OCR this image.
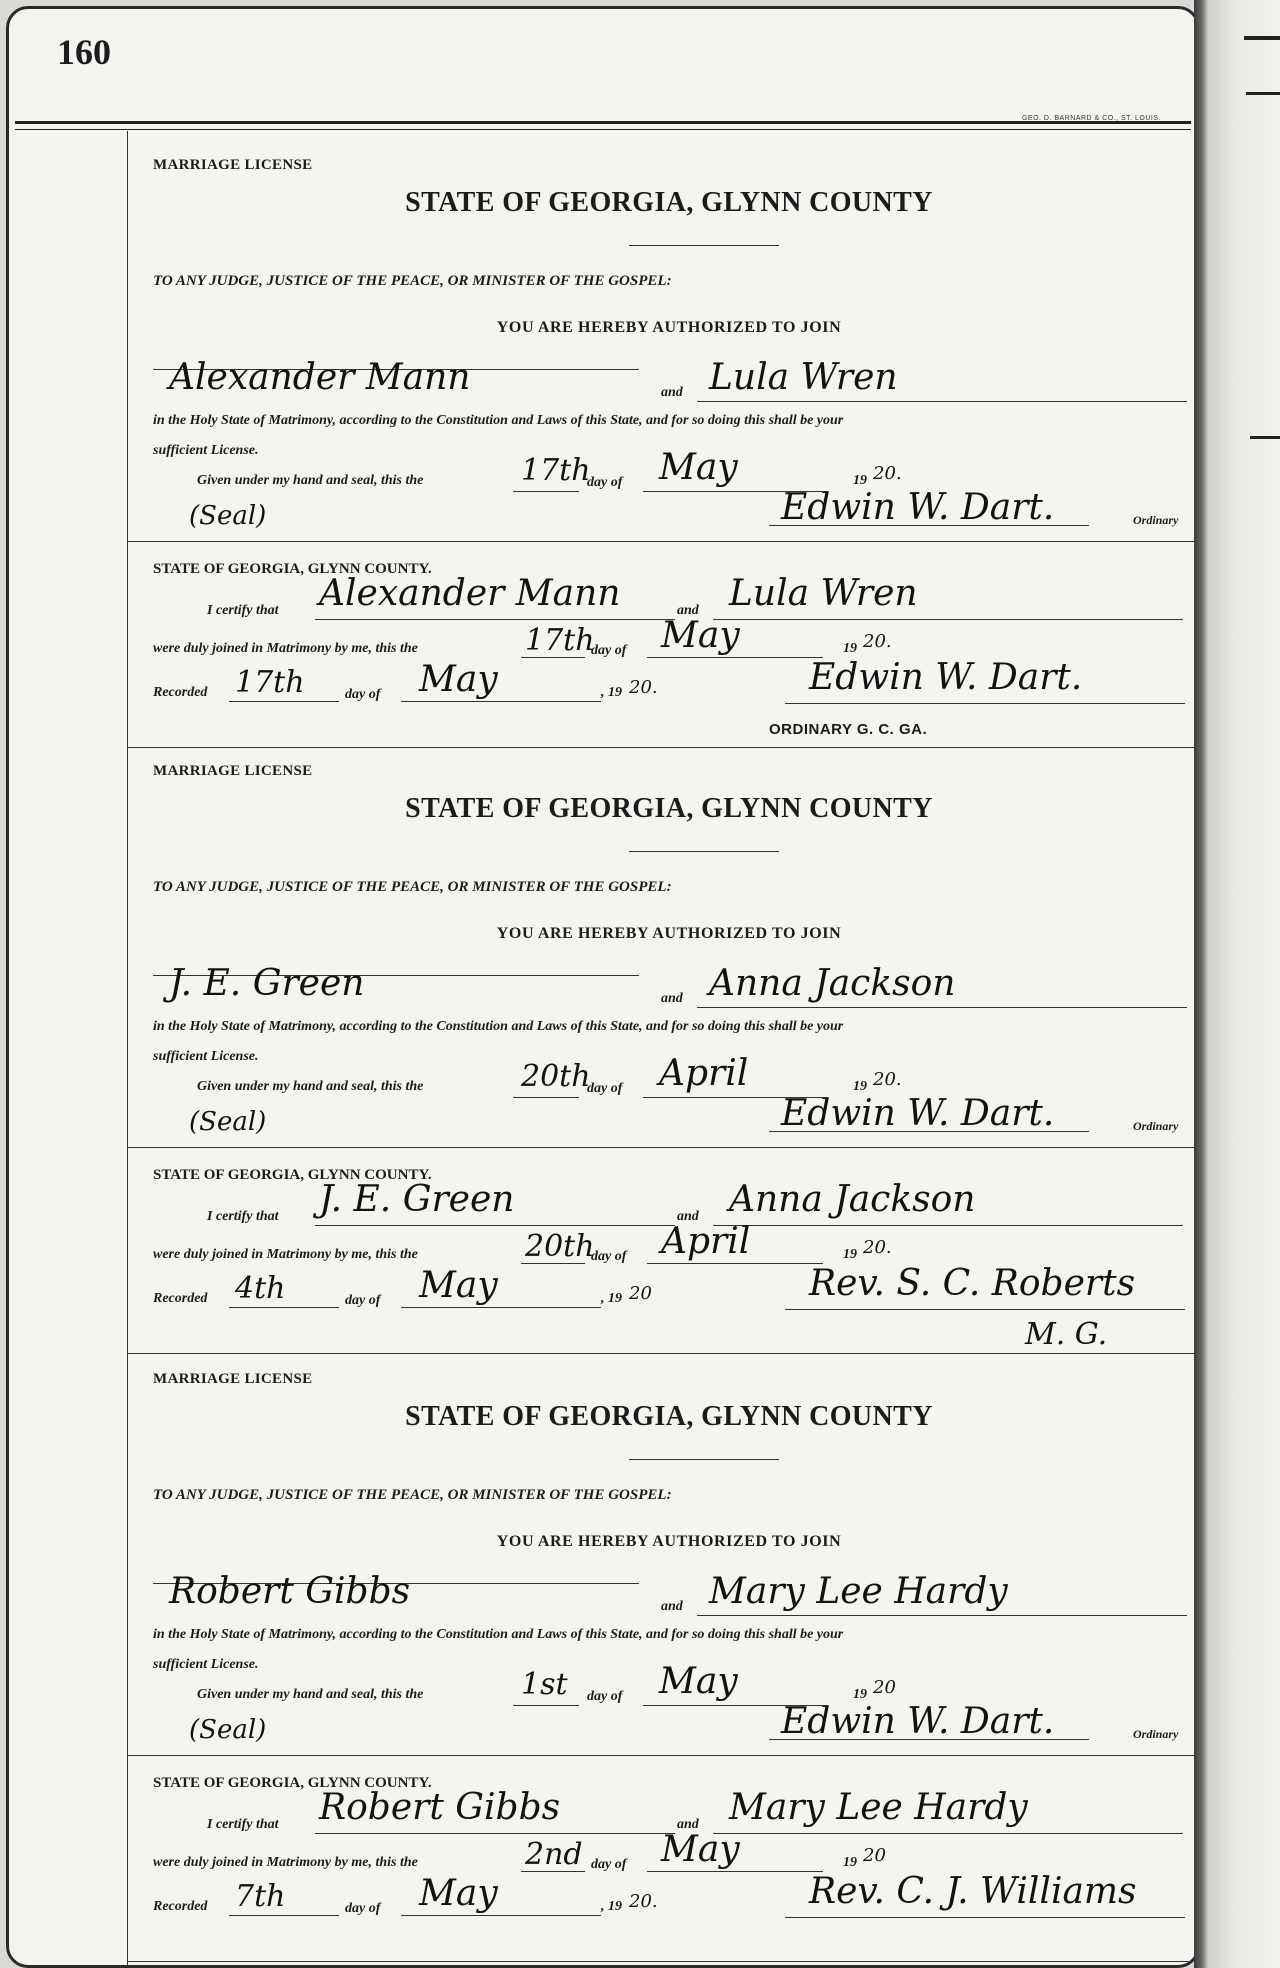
160
GEO. D. BARNARD & CO., ST. LOUIS.
MARRIAGE LICENSE
STATE OF GEORGIA, GLYNN COUNTY
TO ANY JUDGE, JUSTICE OF THE PEACE, OR MINISTER OF THE GOSPEL:
YOU ARE HEREBY AUTHORIZED TO JOIN
Alexander Mann	and Lula Wren
in the Holy State of Matrimony, according to the Constitution and Laws of this State, and for so doing this shall be your
sufficient License.
Given under my hand and seal, this the	17th
day of May	19 20.
(Seal)	Edwin W. Dart.	Ordinary
STATE OF GEORGIA, GLYNN COUNTY.
I certify that Alexander Mann	and Lula Wren
were duly joined in Matrimony by me, this the	17th
day of May	19 20.
Recorded 17th	day of May	, 19 20.	Edwin W. Dart.
ORDINARY G. C. GA.
MARRIAGE LICENSE
STATE OF GEORGIA, GLYNN COUNTY
TO ANY JUDGE, JUSTICE OF THE PEACE, OR MINISTER OF THE GOSPEL:
YOU ARE HEREBY AUTHORIZED TO JOIN
J. E. Green	and Anna Jackson
in the Holy State of Matrimony, according to the Constitution and Laws of this State, and for so doing this shall be your
sufficient License.
Given under my hand and seal, this the	20th
day of April	19 20.
(Seal)	Edwin W. Dart.	Ordinary
STATE OF GEORGIA, GLYNN COUNTY.
I certify that J. E. Green	and Anna Jackson
were duly joined in Matrimony by me, this the	20th
day of April	19 20.
Recorded 4th	day of May	, 19 20	Rev. S. C. Roberts
M. G.
MARRIAGE LICENSE
STATE OF GEORGIA, GLYNN COUNTY
TO ANY JUDGE, JUSTICE OF THE PEACE, OR MINISTER OF THE GOSPEL:
YOU ARE HEREBY AUTHORIZED TO JOIN
Robert Gibbs	and Mary Lee Hardy
in the Holy State of Matrimony, according to the Constitution and Laws of this State, and for so doing this shall be your
sufficient License.
Given under my hand and seal, this the	1st day of May	19 20
(Seal)	Edwin W. Dart.	Ordinary
STATE OF GEORGIA, GLYNN COUNTY.
I certify that Robert Gibbs	and Mary Lee Hardy
were duly joined in Matrimony by me, this the	2nd day of May	19 20
Recorded 7th	day of May	, 19 20.	Rev. C. J. Williams
